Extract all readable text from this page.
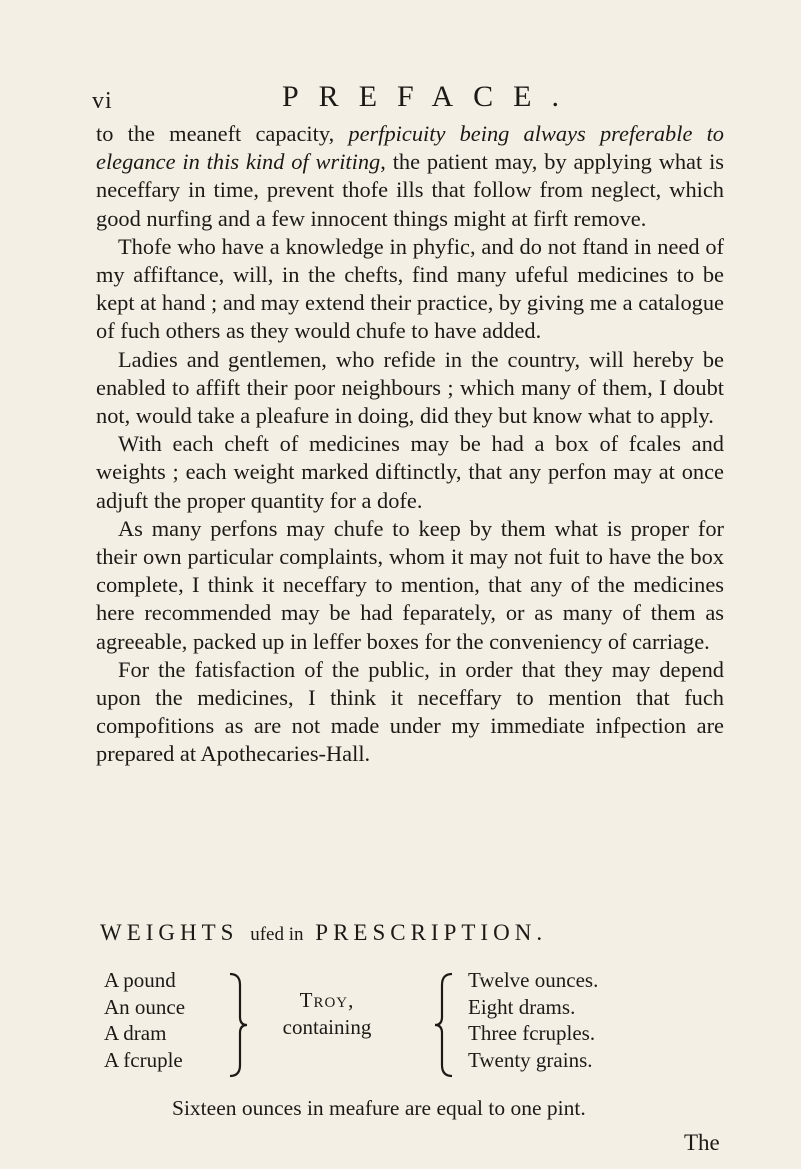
vi	PREFACE.

to the meaneft capacity, perfpicuity being always preferable to elegance in this kind of writing, the patient may, by applying what is neceffary in time, prevent thofe ills that follow from neglect, which good nurfing and a few innocent things might at firft remove.

Thofe who have a knowledge in phyfic, and do not ftand in need of my affiftance, will, in the chefts, find many ufeful medicines to be kept at hand ; and may extend their practice, by giving me a catalogue of fuch others as they would chufe to have added.

Ladies and gentlemen, who refide in the country, will hereby be enabled to affift their poor neighbours ; which many of them, I doubt not, would take a pleafure in doing, did they but know what to apply.

With each cheft of medicines may be had a box of fcales and weights ; each weight marked diftinctly, that any perfon may at once adjuft the proper quantity for a dofe.

As many perfons may chufe to keep by them what is proper for their own particular complaints, whom it may not fuit to have the box complete, I think it neceffary to mention, that any of the medicines here recommended may be had feparately, or as many of them as agreeable, packed up in leffer boxes for the conveniency of carriage.

For the fatisfaction of the public, in order that they may depend upon the medicines, I think it neceffary to mention that fuch compofitions as are not made under my immediate infpection are prepared at Apothecaries-Hall.

WEIGHTS ufed in PRESCRIPTION.
A pound
An ounce
A dram
A fcruple
Troy,
containing
Twelve ounces.
Eight drams.
Three fcruples.
Twenty grains.
Sixteen ounces in meafure are equal to one pint.
The
